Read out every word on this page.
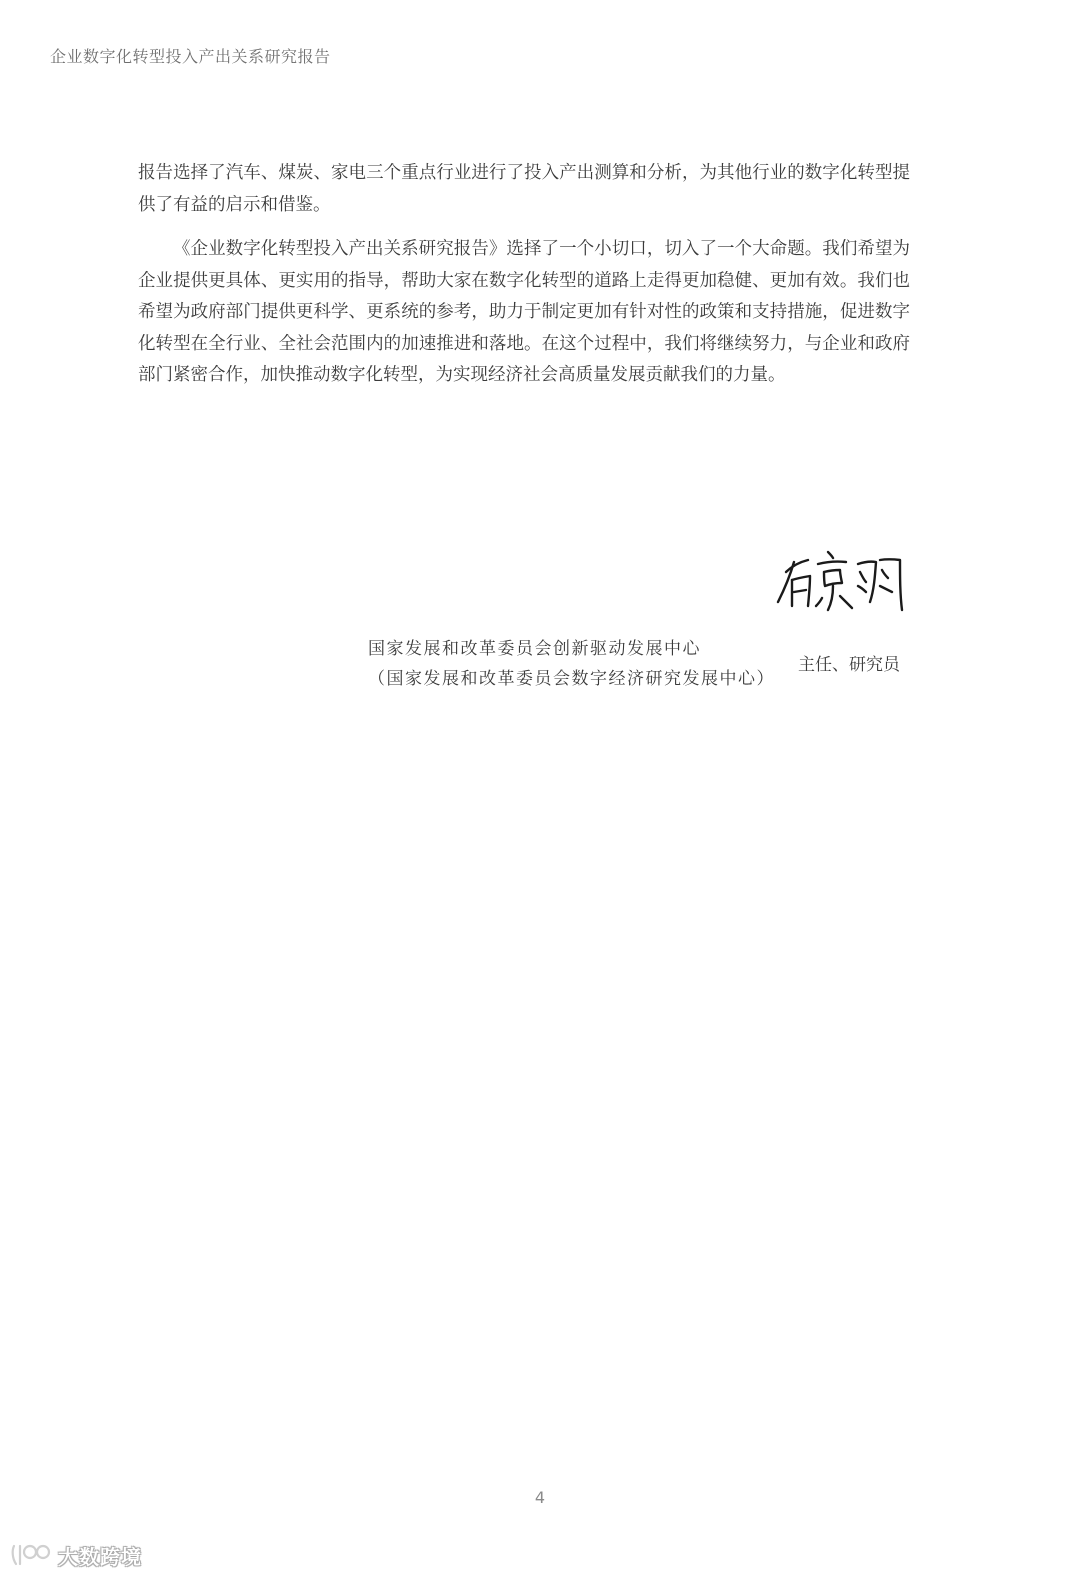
企业数字化转型投入产出关系研究报告

报告选择了汽车、煤炭、家电三个重点行业进行了投入产出测算和分析，为其他行业的数字化转型提供了有益的启示和借鉴。

《企业数字化转型投入产出关系研究报告》选择了一个小切口，切入了一个大命题。我们希望为企业提供更具体、更实用的指导，帮助大家在数字化转型的道路上走得更加稳健、更加有效。我们也希望为政府部门提供更科学、更系统的参考，助力于制定更加有针对性的政策和支持措施，促进数字化转型在全行业、全社会范围内的加速推进和落地。在这个过程中，我们将继续努力，与企业和政府部门紧密合作，加快推动数字化转型，为实现经济社会高质量发展贡献我们的力量。

国家发展和改革委员会创新驱动发展中心
（国家发展和改革委员会数字经济研究发展中心）
主任、研究员
4
大数跨境
